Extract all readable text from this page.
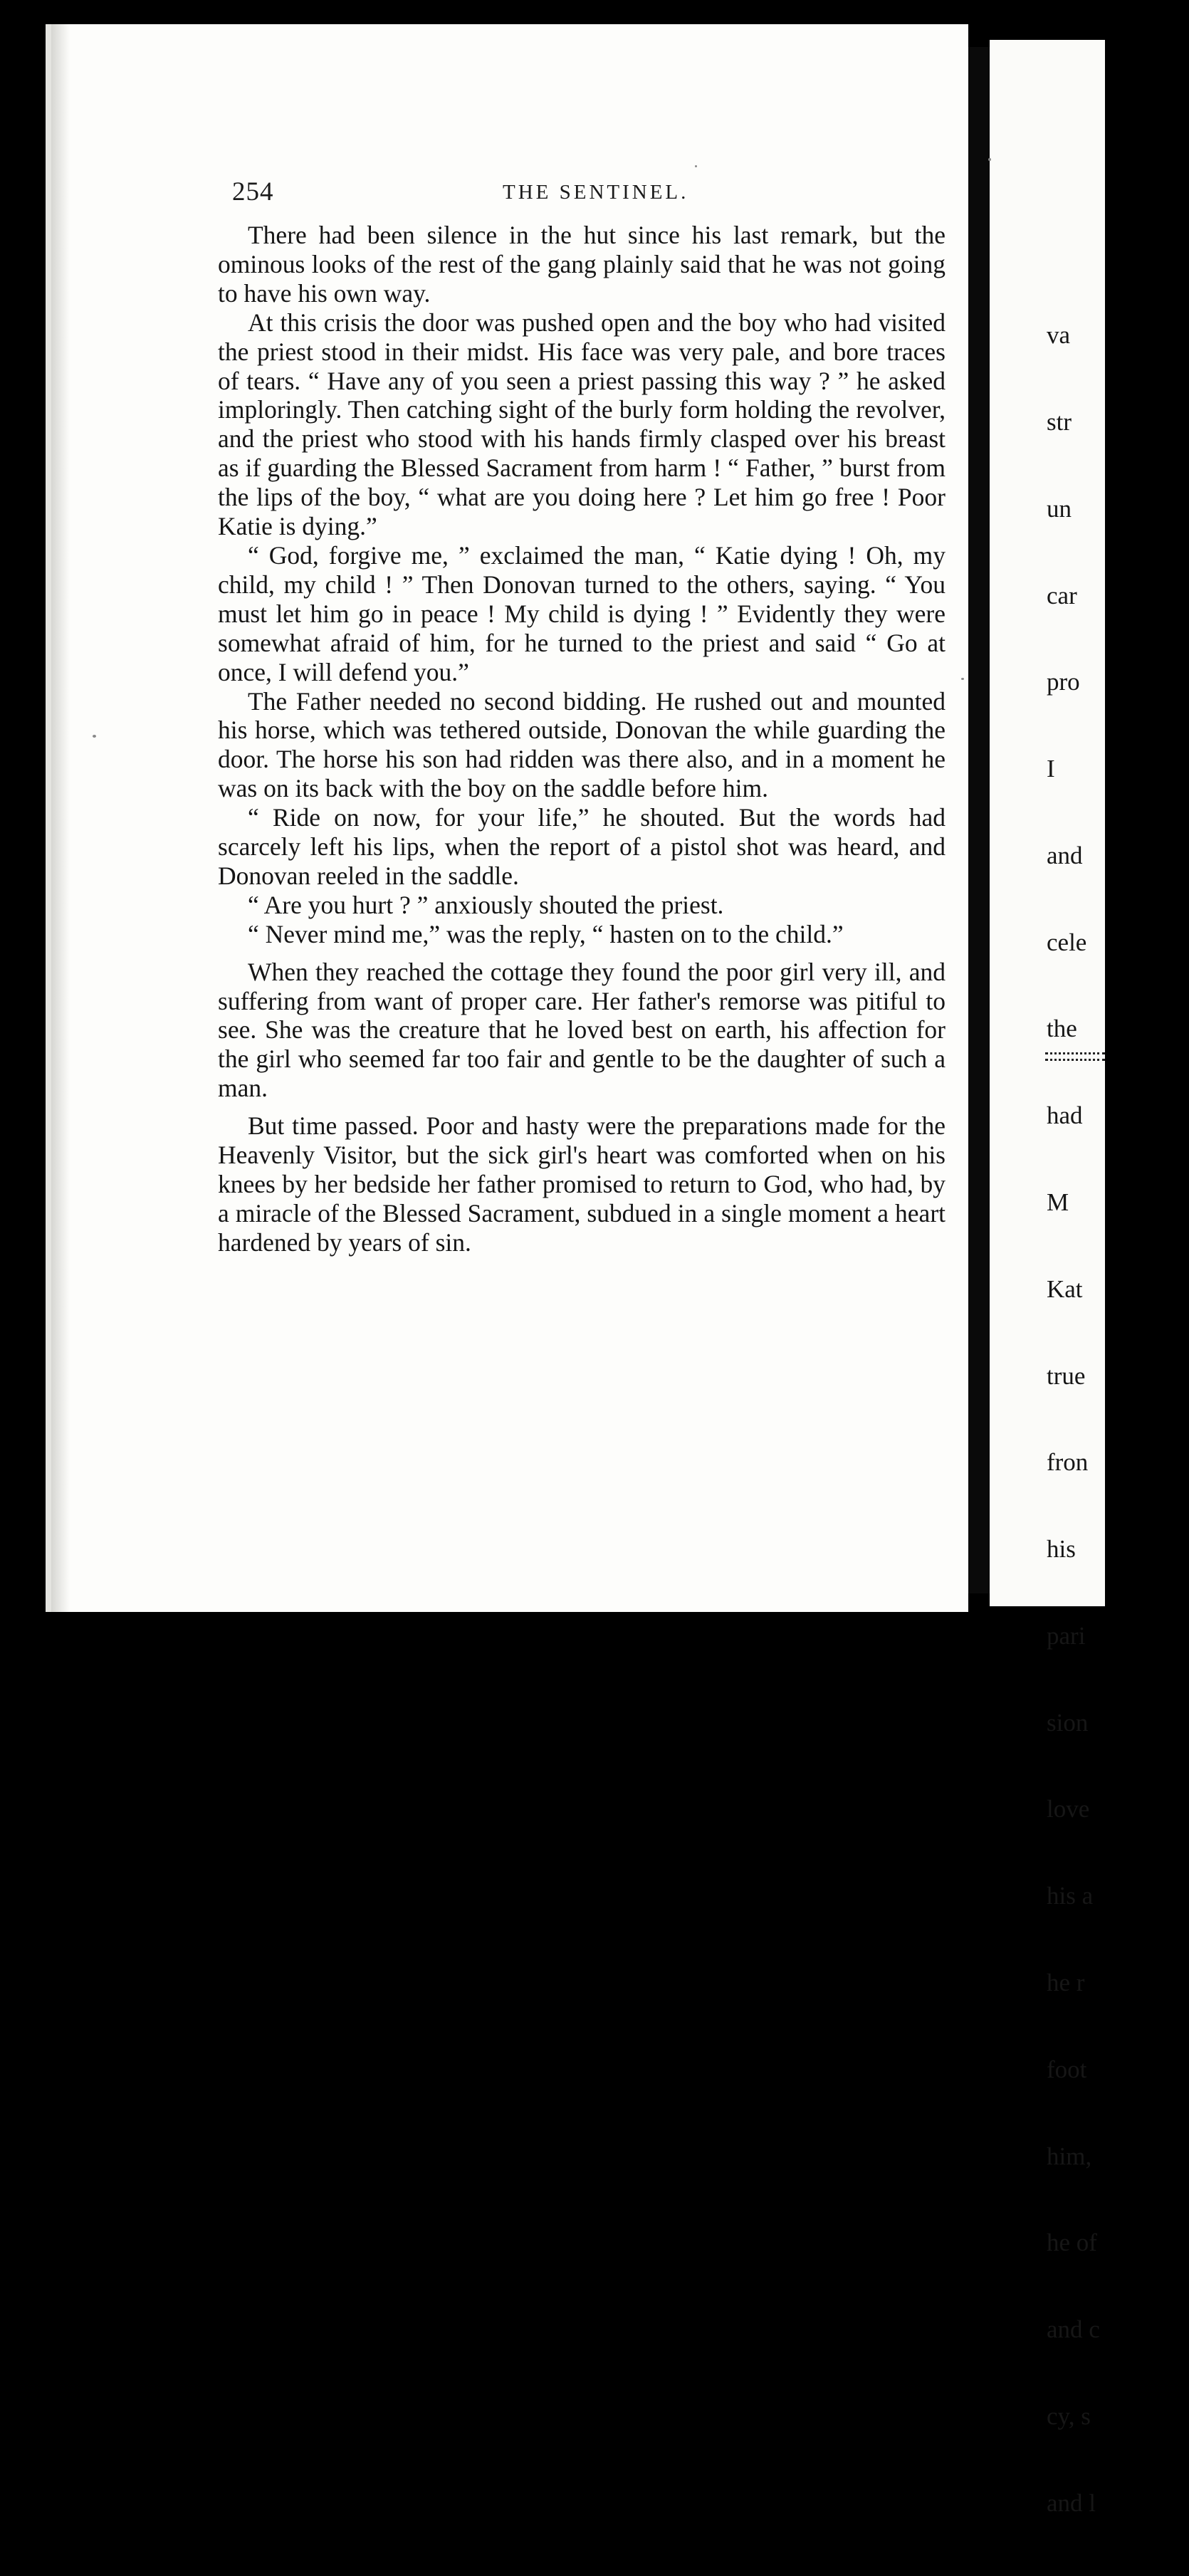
254	THE SENTINEL.

There had been silence in the hut since his last remark, but the ominous looks of the rest of the gang plainly said that he was not going to have his own way.

At this crisis the door was pushed open and the boy who had visited the priest stood in their midst. His face was very pale, and bore traces of tears. “ Have any of you seen a priest passing this way ? ” he asked imploringly. Then catching sight of the burly form holding the revolver, and the priest who stood with his hands firmly clasped over his breast as if guarding the Blessed Sacrament from harm ! “ Father, ” burst from the lips of the boy, “ what are you doing here ? Let him go free ! Poor Katie is dying.”

“ God, forgive me, ” exclaimed the man, “ Katie dying ! Oh, my child, my child ! ” Then Donovan turned to the others, saying. “ You must let him go in peace ! My child is dying ! ” Evidently they were somewhat afraid of him, for he turned to the priest and said “ Go at once, I will defend you.”

The Father needed no second bidding. He rushed out and mounted his horse, which was tethered outside, Donovan the while guarding the door. The horse his son had ridden was there also, and in a moment he was on its back with the boy on the saddle before him.

“ Ride on now, for your life,” he shouted. But the words had scarcely left his lips, when the report of a pistol shot was heard, and Donovan reeled in the saddle.

“ Are you hurt ? ” anxiously shouted the priest.

“ Never mind me,” was the reply, “ hasten on to the child.”

When they reached the cottage they found the poor girl very ill, and suffering from want of proper care. Her father's remorse was pitiful to see. She was the creature that he loved best on earth, his affection for the girl who seemed far too fair and gentle to be the daughter of such a man.

But time passed. Poor and hasty were the preparations made for the Heavenly Visitor, but the sick girl's heart was comforted when on his knees by her bedside her father promised to return to God, who had, by a miracle of the Blessed Sacrament, subdued in a single moment a heart hardened by years of sin.

va

str

un

car

pro

I

and

cele

the

had

M

Kat

true

fron

his

pari

sion

love

his a

he r

foot

him,

he of

and c

cy, s

and l
